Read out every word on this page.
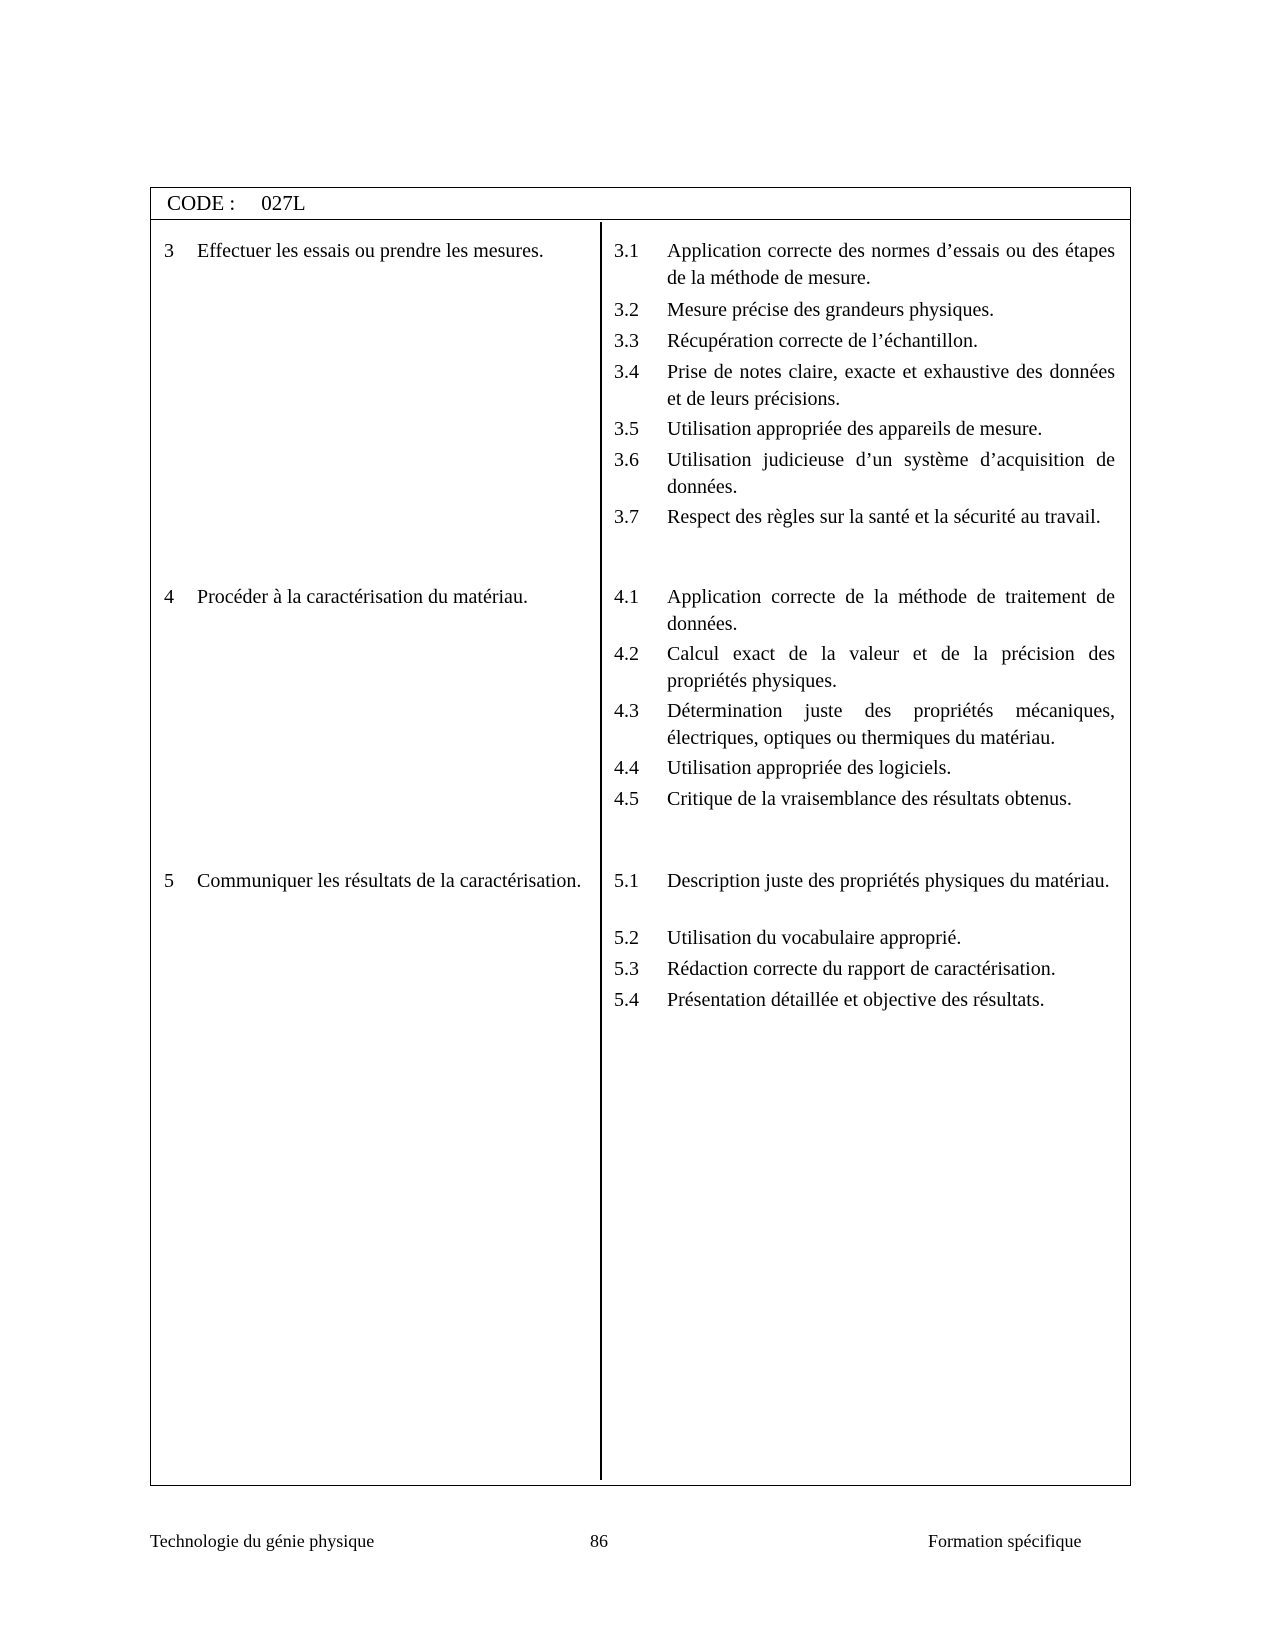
CODE : 027L
3 Effectuer les essais ou prendre les mesures.	3.1 Application correcte des normes d’essais ou des étapes de la méthode de mesure.
3.2 Mesure précise des grandeurs physiques.
3.3 Récupération correcte de l’échantillon.
3.4 Prise de notes claire, exacte et exhaustive des données et de leurs précisions.
3.5 Utilisation appropriée des appareils de mesure.
3.6 Utilisation judicieuse d’un système d’acquisition de données.
3.7 Respect des règles sur la santé et la sécurité au travail.
4 Procéder à la caractérisation du matériau.	4.1 Application correcte de la méthode de traitement de données.
4.2 Calcul exact de la valeur et de la précision des propriétés physiques.
4.3 Détermination juste des propriétés mécaniques, électriques, optiques ou thermiques du matériau.
4.4 Utilisation appropriée des logiciels.
4.5 Critique de la vraisemblance des résultats obtenus.
5 Communiquer les résultats de la caractérisation. 5.1 Description juste des propriétés physiques du matériau.
5.2 Utilisation du vocabulaire approprié.
5.3 Rédaction correcte du rapport de caractérisation.
5.4 Présentation détaillée et objective des résultats.
Technologie du génie physique	86	Formation spécifique
